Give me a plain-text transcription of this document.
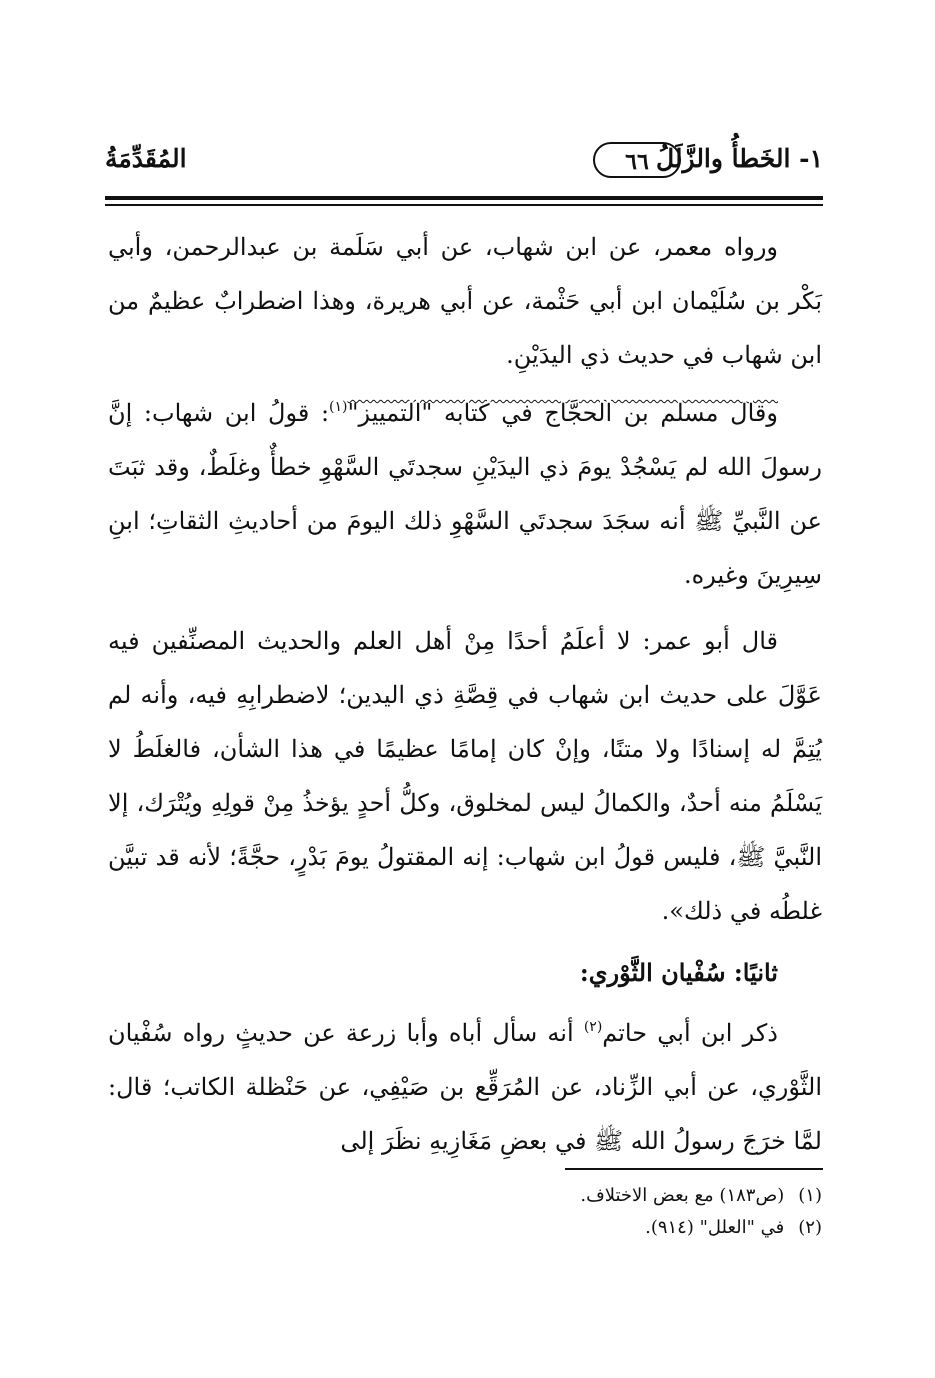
١- الخَطأُ والزَّلَلُ
٦٦
المُقَدِّمَةُ

ورواه معمر، عن ابن شهاب، عن أبي سَلَمة بن عبدالرحمن، وأبي بَكْر بن سُلَيْمان ابن أبي حَثْمة، عن أبي هريرة، وهذا اضطرابٌ عظيمٌ من ابن شهاب في حديث ذي اليدَيْنِ.

وقال مسلم بن الحجَّاج في كتابه "التمييز"$^{(١)}$: قولُ ابن شهاب: إنَّ رسولَ الله لم يَسْجُدْ يومَ ذي اليدَيْنِ سجدتَي السَّهْوِ خطأٌ وغلَطٌ، وقد ثبَتَ عن النَّبيِّ ﷺ أنه سجَدَ سجدتَي السَّهْوِ ذلك اليومَ من أحاديثِ الثقاتِ؛ ابنِ سِيرِينَ وغيره.

قال أبو عمر: لا أعلَمُ أحدًا مِنْ أهل العلم والحديث المصنِّفين فيه عَوَّلَ على حديث ابن شهاب في قِصَّةِ ذي اليدين؛ لاضطرابِهِ فيه، وأنه لم يُتِمَّ له إسنادًا ولا متنًا، وإنْ كان إمامًا عظيمًا في هذا الشأن، فالغلَطُ لا يَسْلَمُ منه أحدٌ، والكمالُ ليس لمخلوق، وكلُّ أحدٍ يؤخذُ مِنْ قولِهِ ويُتْرَك، إلا النَّبيَّ ﷺ، فليس قولُ ابن شهاب: إنه المقتولُ يومَ بَدْرٍ، حجَّةً؛ لأنه قد تبيَّن غلطُه في ذلك».

ثانيًا: سُفْيان الثَّوْري:

ذكر ابن أبي حاتم$^{(٢)}$ أنه سأل أباه وأبا زرعة عن حديثٍ رواه سُفْيان الثَّوْري، عن أبي الزِّناد، عن المُرَقِّع بن صَيْفِي، عن حَنْظلة الكاتب؛ قال: لمَّا خرَجَ رسولُ الله ﷺ في بعضِ مَغَازِيهِ نظَرَ إلى

(١)(ص١٨٣) مع بعض الاختلاف.
(٢)في "العلل" (٩١٤).
